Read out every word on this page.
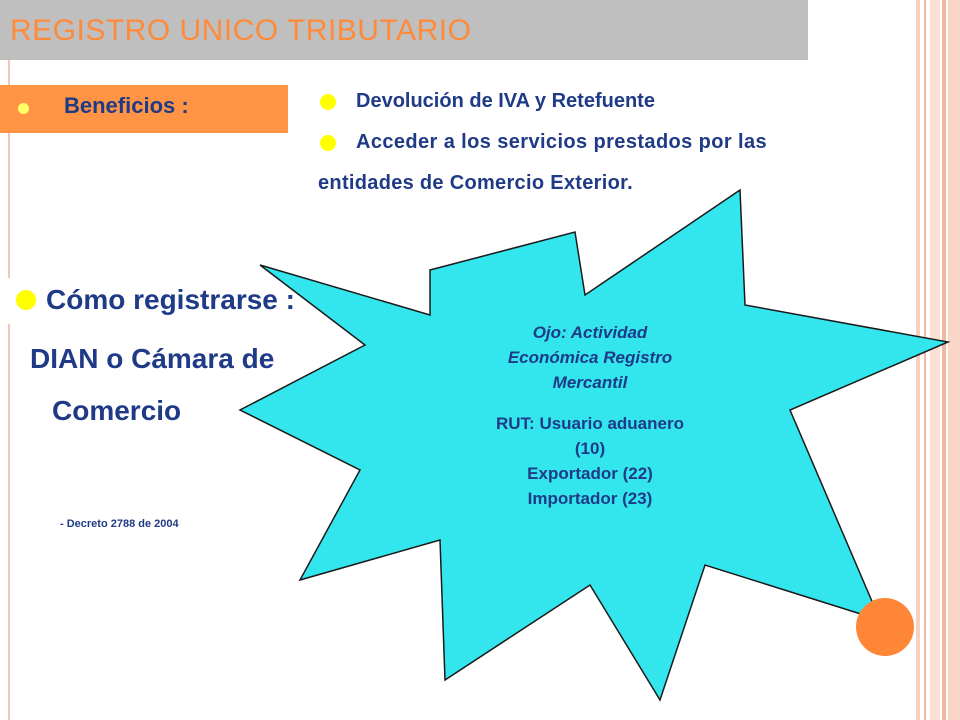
REGISTRO UNICO TRIBUTARIO
Beneficios :	Devolución de IVA y Retefuente
Acceder a los servicios prestados por las
entidades de Comercio Exterior.
Cómo registrarse :
DIAN o Cámara de
Comercio
- Decreto 2788 de 2004
Ojo: Actividad
Económica Registro
Mercantil
RUT: Usuario aduanero
(10)
Exportador (22)
Importador (23)
